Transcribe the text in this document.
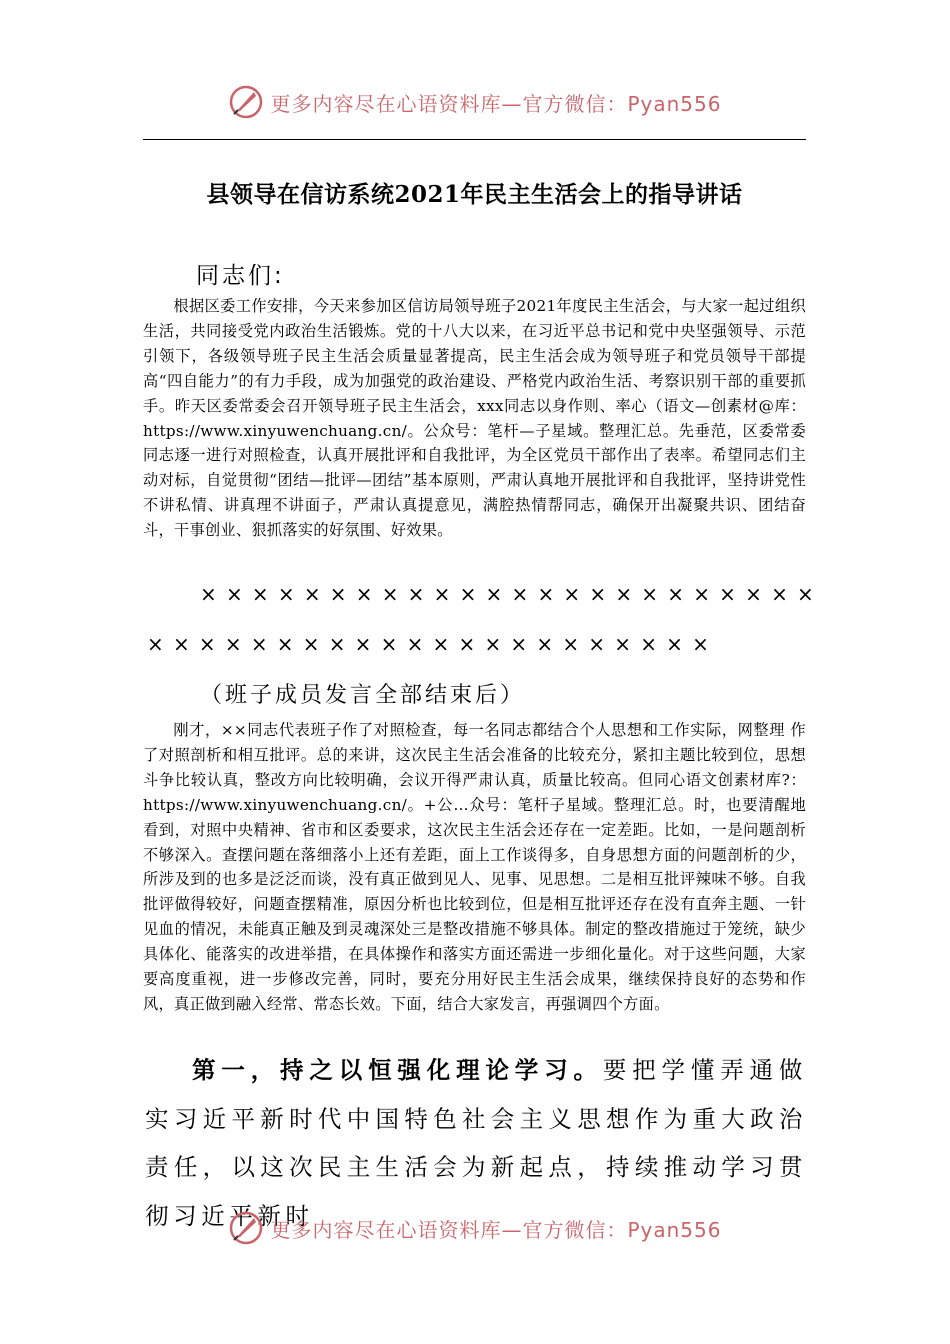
更多内容尽在心语资料库—官方微信：Pyan556
县领导在信访系统2021年民主生活会上的指导讲话
同志们:
根据区委工作安排，今天来参加区信访局领导班子2021年度民主生活会，与大家一起过组织生活，共同接受党内政治生活锻炼。党的十八大以来，在习近平总书记和党中央坚强领导、示范引领下，各级领导班子民主生活会质量显著提高，民主生活会成为领导班子和党员领导干部提高“四自能力”的有力手段，成为加强党的政治建设、严格党内政治生活、考察识别干部的重要抓手。昨天区委常委会召开领导班子民主生活会，xxx同志以身作则、率心（语文—创素材@库：https://www.xinyuwenchuang.cn/。公众号：笔杆—子星域。整理汇总。先垂范，区委常委同志逐一进行对照检查，认真开展批评和自我批评，为全区党员干部作出了表率。希望同志们主动对标，自觉贯彻“团结—批评—团结”基本原则，严肃认真地开展批评和自我批评，坚持讲党性不讲私情、讲真理不讲面子，严肃认真提意见，满腔热情帮同志，确保开出凝聚共识、团结奋斗，干事创业、狠抓落实的好氛围、好效果。
××××××××××××××××××××××××
××××××××××××××××××××××
（班子成员发言全部结束后）
刚才，××同志代表班子作了对照检查，每一名同志都结合个人思想和工作实际，网整理 作了对照剖析和相互批评。总的来讲，这次民主生活会准备的比较充分，紧扣主题比较到位，思想斗争比较认真，整改方向比较明确，会议开得严肃认真，质量比较高。但同心语文创素材库?：https://www.xinyuwenchuang.cn/。+公…众号：笔杆子星域。整理汇总。时，也要清醒地看到，对照中央精神、省市和区委要求，这次民主生活会还存在一定差距。比如，一是问题剖析不够深入。查摆问题在落细落小上还有差距，面上工作谈得多，自身思想方面的问题剖析的少，所涉及到的也多是泛泛而谈，没有真正做到见人、见事、见思想。二是相互批评辣味不够。自我批评做得较好，问题查摆精准，原因分析也比较到位，但是相互批评还存在没有直奔主题、一针见血的情况，未能真正触及到灵魂深处三是整改措施不够具体。制定的整改措施过于笼统，缺少具体化、能落实的改进举措，在具体操作和落实方面还需进一步细化量化。对于这些问题，大家要高度重视，进一步修改完善，同时，要充分用好民主生活会成果，继续保持良好的态势和作风，真正做到融入经常、常态长效。下面，结合大家发言，再强调四个方面。
第一，持之以恒强化理论学习。要把学懂弄通做实习近平新时代中国特色社会主义思想作为重大政治责任，以这次民主生活会为新起点，持续推动学习贯彻习近平新时
更多内容尽在心语资料库—官方微信：Pyan556
